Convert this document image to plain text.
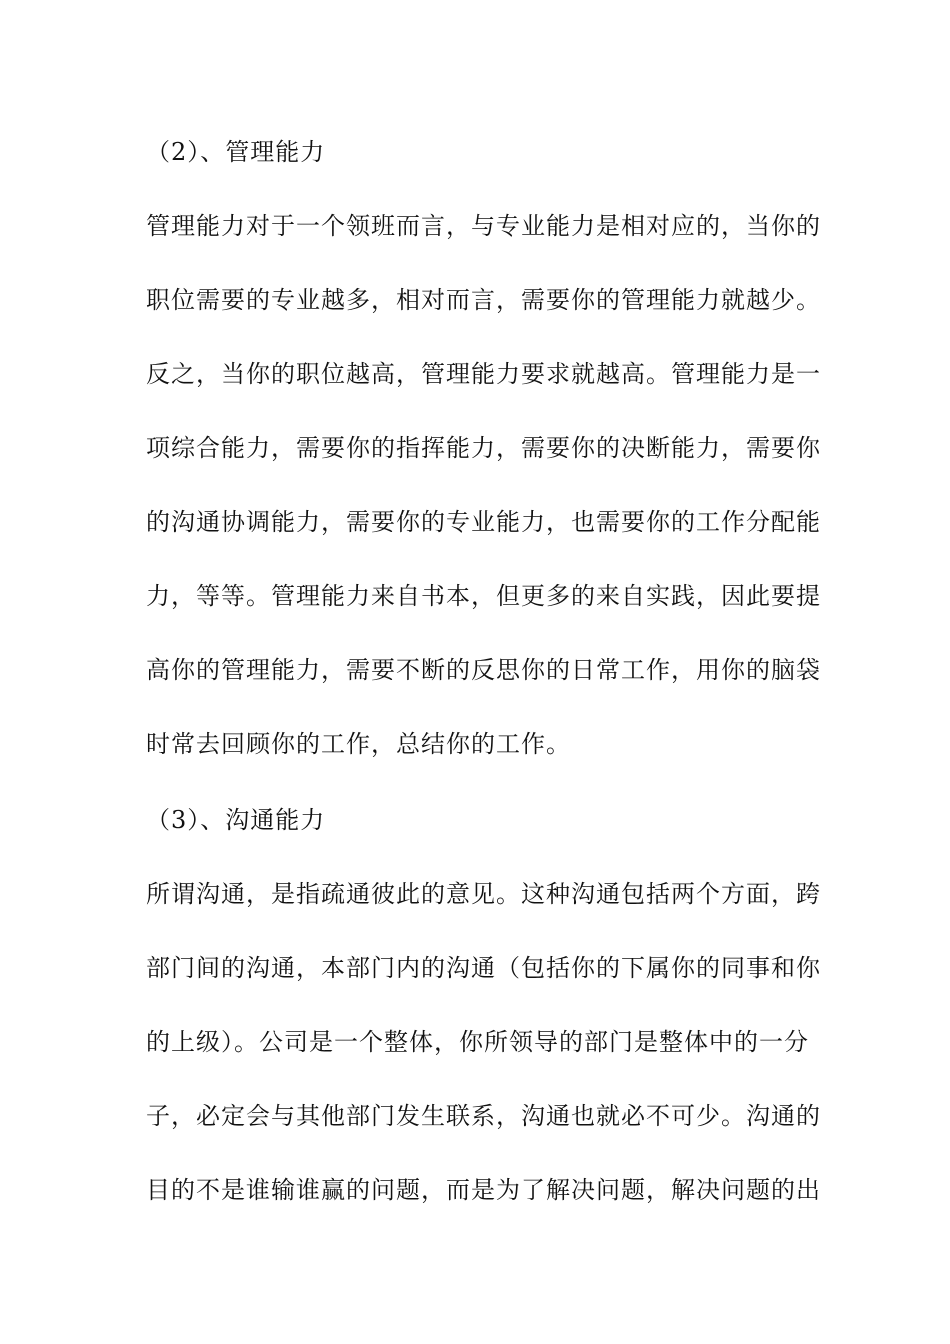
（2）、管理能力
管理能力对于一个领班而言，与专业能力是相对应的，当你的
职位需要的专业越多，相对而言，需要你的管理能力就越少。
反之，当你的职位越高，管理能力要求就越高。管理能力是一
项综合能力，需要你的指挥能力，需要你的决断能力，需要你
的沟通协调能力，需要你的专业能力，也需要你的工作分配能
力，等等。管理能力来自书本，但更多的来自实践，因此要提
高你的管理能力，需要不断的反思你的日常工作，用你的脑袋
时常去回顾你的工作，总结你的工作。
（3）、沟通能力
所谓沟通，是指疏通彼此的意见。这种沟通包括两个方面，跨
部门间的沟通，本部门内的沟通（包括你的下属你的同事和你
的上级）。公司是一个整体，你所领导的部门是整体中的一分
子，必定会与其他部门发生联系，沟通也就必不可少。沟通的
目的不是谁输谁赢的问题，而是为了解决问题，解决问题的出
